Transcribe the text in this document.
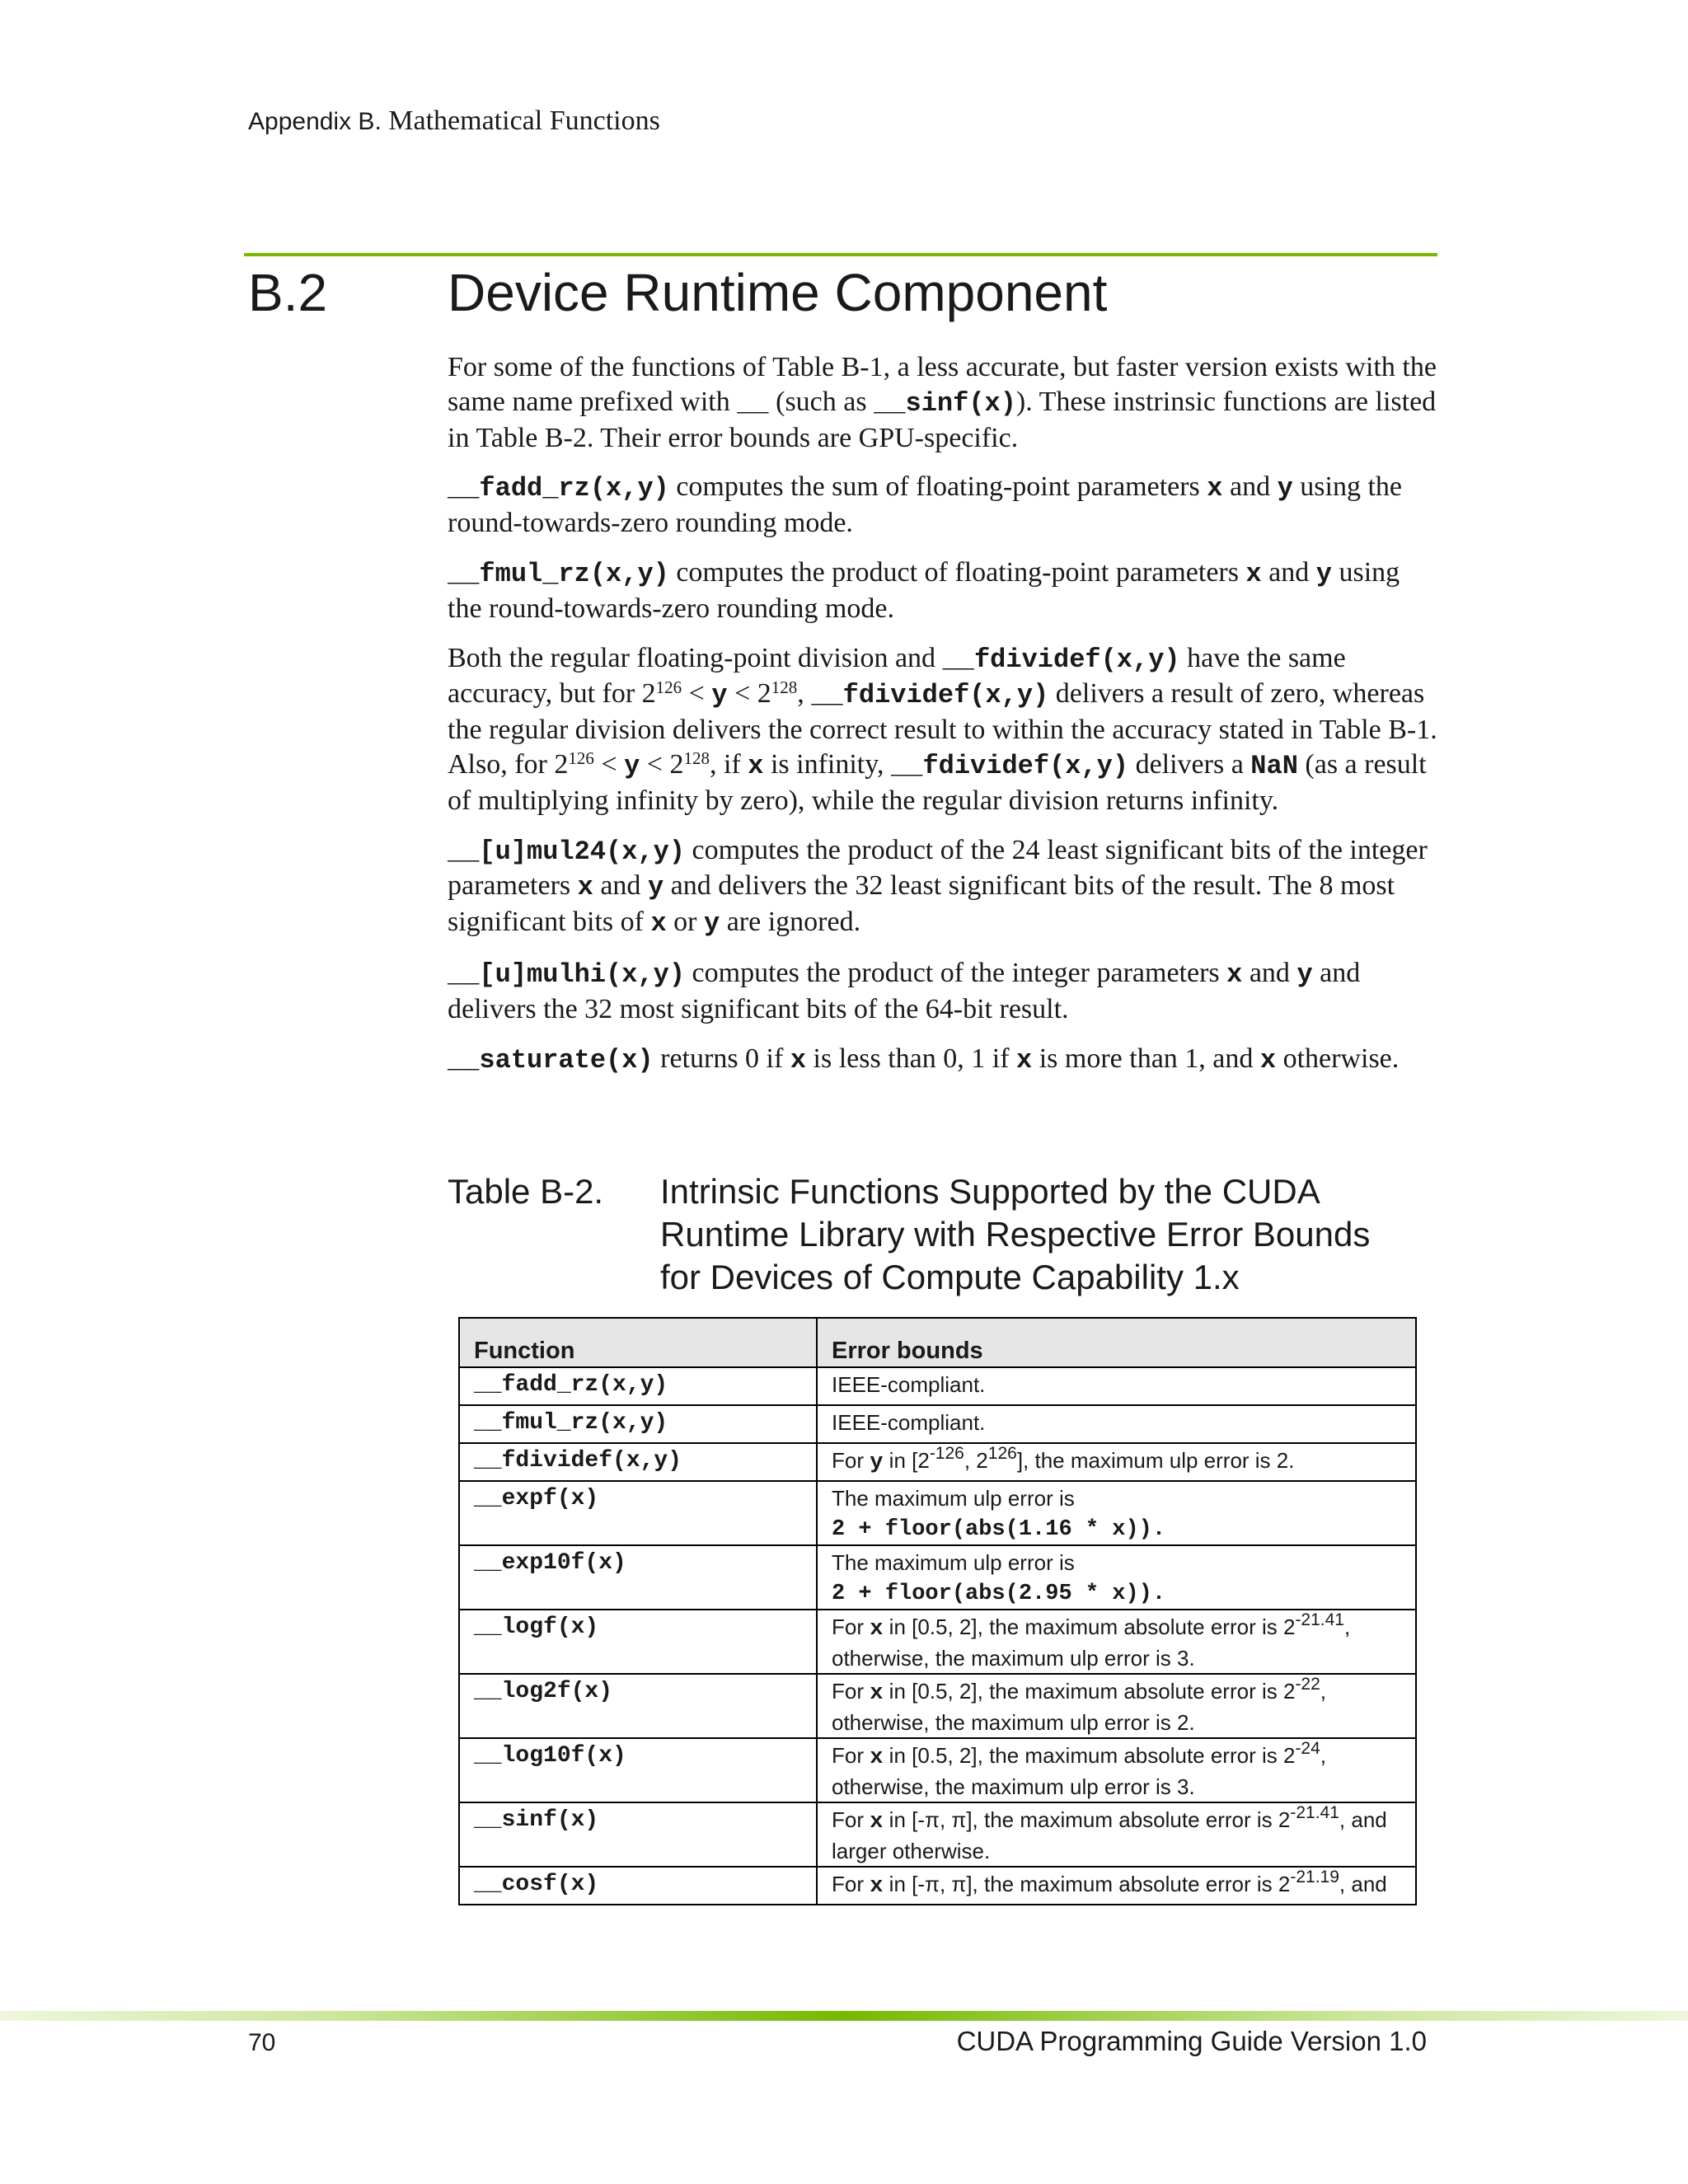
Appendix B. Mathematical Functions
B.2 Device Runtime Component

For some of the functions of Table B-1, a less accurate, but faster version exists with the same name prefixed with __ (such as __sinf(x)). These instrinsic functions are listed in Table B-2. Their error bounds are GPU-specific.

__fadd_rz(x,y) computes the sum of floating-point parameters x and y using the round-towards-zero rounding mode.

__fmul_rz(x,y) computes the product of floating-point parameters x and y using the round-towards-zero rounding mode.

Both the regular floating-point division and __fdividef(x,y) have the same accuracy, but for $2^{126} < y < 2^{128}$, __fdividef(x,y) delivers a result of zero, whereas the regular division delivers the correct result to within the accuracy stated in Table B-1. Also, for $2^{126} < y < 2^{128}$, if x is infinity, __fdividef(x,y) delivers a NaN (as a result of multiplying infinity by zero), while the regular division returns infinity.

__[u]mul24(x,y) computes the product of the 24 least significant bits of the integer parameters x and y and delivers the 32 least significant bits of the result. The 8 most significant bits of x or y are ignored.

__[u]mulhi(x,y) computes the product of the integer parameters x and y and delivers the 32 most significant bits of the 64-bit result.

__saturate(x) returns 0 if x is less than 0, 1 if x is more than 1, and x otherwise.

Table B-2. Intrinsic Functions Supported by the CUDA Runtime Library with Respective Error Bounds for Devices of Compute Capability 1.x
Function	Error bounds
__fadd_rz(x,y)	IEEE-compliant.
__fmul_rz(x,y)	IEEE-compliant.
__fdividef(x,y)	For y in [$2^{-126}$, $2^{126}$], the maximum ulp error is 2.
__expf(x)	The maximum ulp error is
2 + floor(abs(1.16 * x)).
__exp10f(x)	The maximum ulp error is
2 + floor(abs(2.95 * x)).
__logf(x)	For x in [0.5, 2], the maximum absolute error is $2^{-21.41}$, otherwise, the maximum ulp error is 3.
__log2f(x)	For x in [0.5, 2], the maximum absolute error is $2^{-22}$, otherwise, the maximum ulp error is 2.
__log10f(x)	For x in [0.5, 2], the maximum absolute error is $2^{-24}$, otherwise, the maximum ulp error is 3.
__sinf(x)	For x in [-π, π], the maximum absolute error is $2^{-21.41}$, and larger otherwise.
__cosf(x)	For x in [-π, π], the maximum absolute error is $2^{-21.19}$, and
70	CUDA Programming Guide Version 1.0
